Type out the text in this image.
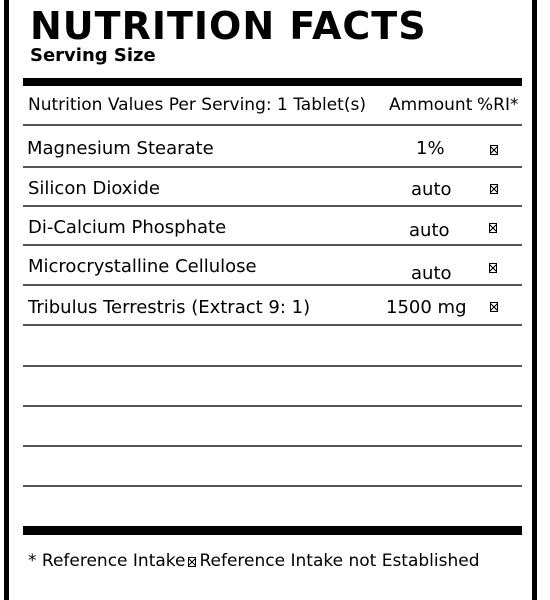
NUTRITION FACTS
Serving Size
Nutrition Values Per Serving: 1 Tablet(s) Ammount %RI*
Magnesium Stearate	1%
Silicon Dioxide	auto
Di-Calcium Phosphate	auto
Microcrystalline Cellulose	auto
Tribulus Terrestris (Extract 9: 1)	1500 mg
* Reference Intake Reference Intake not Established
